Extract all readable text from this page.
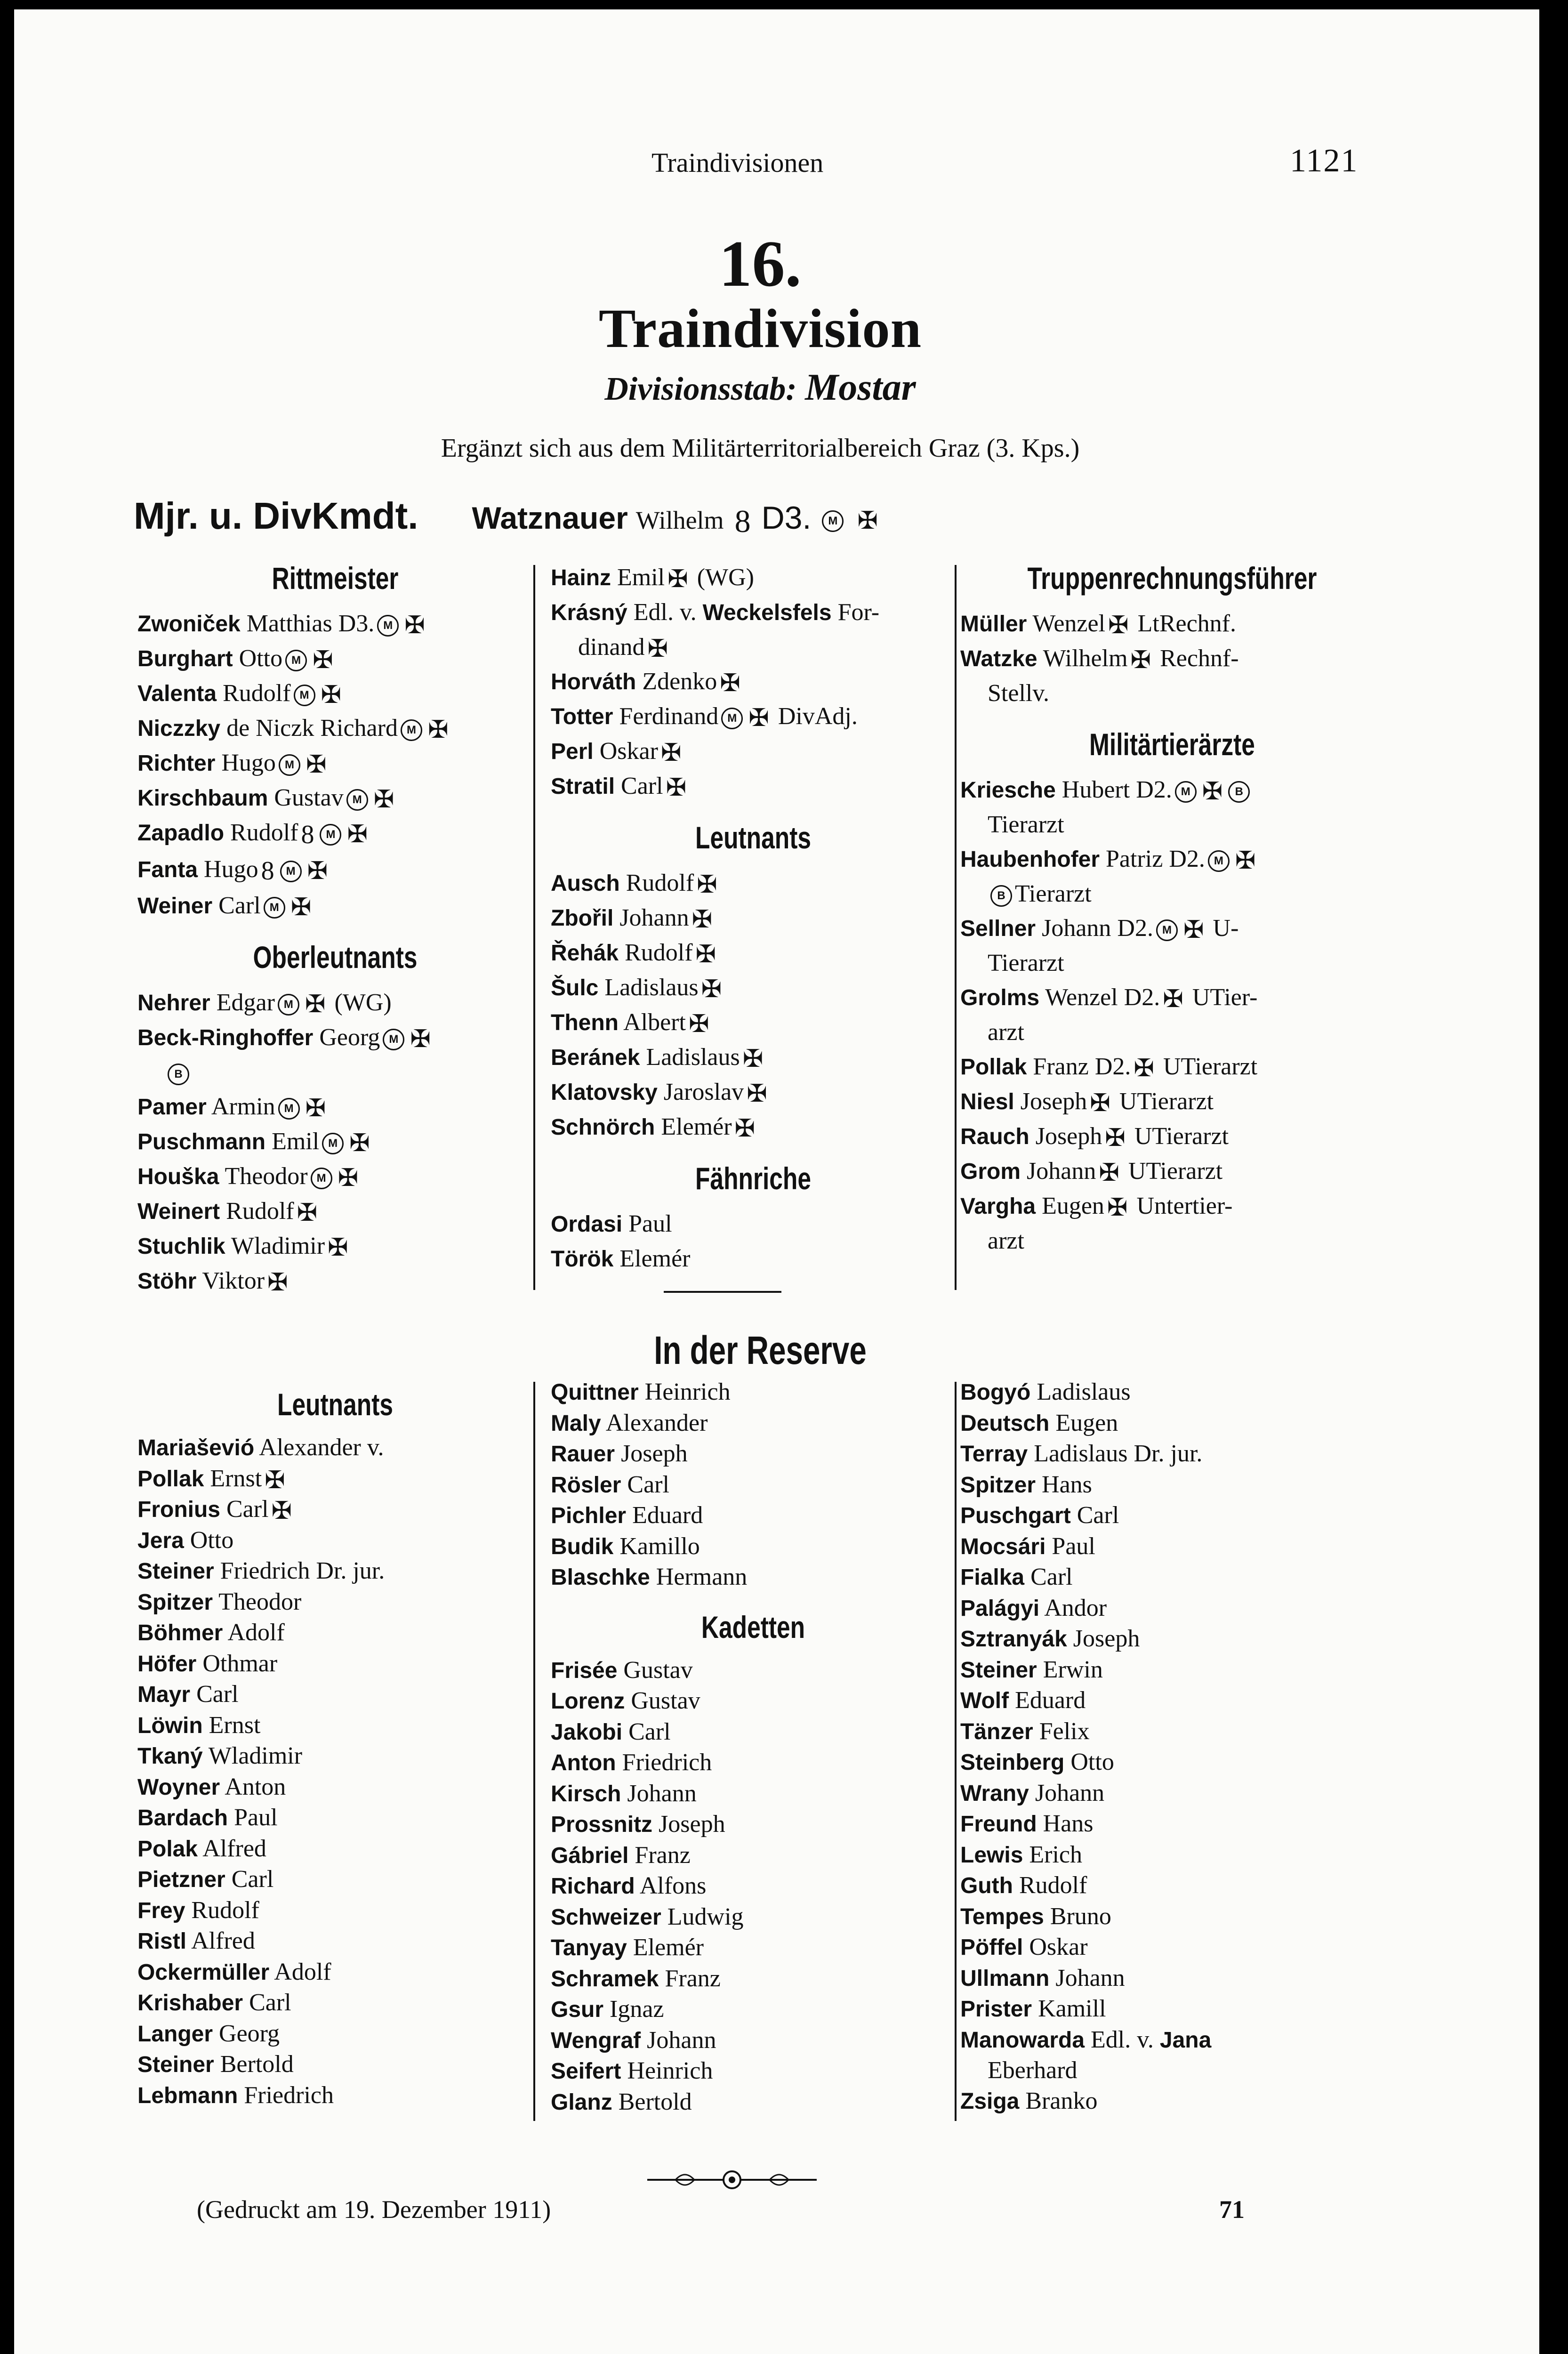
Traindivisionen	1121
16.
Traindivision
Divisionsstab: Mostar
Ergänzt sich aus dem Militärterritorialbereich Graz (3. Kps.)
Mjr. u. DivKmdt. Watznauer Wilhelm 8 D3. M ✠
Rittmeister
Zwoniček Matthias D3. M ✠
Burghart Otto M ✠
Valenta Rudolf M ✠
Niczzky de Niczk Richard M ✠
Richter Hugo M ✠
Kirschbaum Gustav M ✠
Zapadlo Rudolf 8 M ✠
Fanta Hugo 8 M ✠
Weiner Carl M ✠
Oberleutnants
Nehrer Edgar M ✠ (WG)
Beck-Ringhoffer Georg M ✠
B
Pamer Armin M ✠
Puschmann Emil M ✠
Houška Theodor M ✠
Weinert Rudolf ✠
Stuchlik Wladimir ✠
Stöhr Viktor ✠
Hainz Emil ✠ (WG)
Krásný Edl. v. Weckelsfels For-
dinand ✠
Horváth Zdenko ✠
Totter Ferdinand M ✠ DivAdj.
Perl Oskar ✠
Stratil Carl ✠
Leutnants
Ausch Rudolf ✠
Zbořil Johann ✠
Řehák Rudolf ✠
Šulc Ladislaus ✠
Thenn Albert ✠
Beránek Ladislaus ✠
Klatovsky Jaroslav ✠
Schnörch Elemér ✠
Fähnriche
Ordasi Paul
Török Elemér
Truppenrechnungsführer
Müller Wenzel ✠ LtRechnf.
Watzke Wilhelm ✠ Rechnf-
Stellv.
Militärtierärzte
Kriesche Hubert D2. M ✠ B
Tierarzt
Haubenhofer Patriz D2. M ✠
B Tierarzt
Sellner Johann D2. M ✠ U-
Tierarzt
Grolms Wenzel D2. ✠ UTier-
arzt
Pollak Franz D2. ✠ UTierarzt
Niesl Joseph ✠ UTierarzt
Rauch Joseph ✠ UTierarzt
Grom Johann ✠ UTierarzt
Vargha Eugen ✠ Untertier-
arzt
In der Reserve
Leutnants
Mariaševió Alexander v.
Pollak Ernst ✠
Fronius Carl ✠
Jera Otto
Steiner Friedrich Dr. jur.
Spitzer Theodor
Böhmer Adolf
Höfer Othmar
Mayr Carl
Löwin Ernst
Tkaný Wladimir
Woyner Anton
Bardach Paul
Polak Alfred
Pietzner Carl
Frey Rudolf
Ristl Alfred
Ockermüller Adolf
Krishaber Carl
Langer Georg
Steiner Bertold
Lebmann Friedrich
Quittner Heinrich
Maly Alexander
Rauer Joseph
Rösler Carl
Pichler Eduard
Budik Kamillo
Blaschke Hermann
Kadetten
Frisée Gustav
Lorenz Gustav
Jakobi Carl
Anton Friedrich
Kirsch Johann
Prossnitz Joseph
Gábriel Franz
Richard Alfons
Schweizer Ludwig
Tanyay Elemér
Schramek Franz
Gsur Ignaz
Wengraf Johann
Seifert Heinrich
Glanz Bertold
Bogyó Ladislaus
Deutsch Eugen
Terray Ladislaus Dr. jur.
Spitzer Hans
Puschgart Carl
Mocsári Paul
Fialka Carl
Palágyi Andor
Sztranyák Joseph
Steiner Erwin
Wolf Eduard
Tänzer Felix
Steinberg Otto
Wrany Johann
Freund Hans
Lewis Erich
Guth Rudolf
Tempes Bruno
Pöffel Oskar
Ullmann Johann
Prister Kamill
Manowarda Edl. v. Jana
Eberhard
Zsiga Branko
(Gedruckt am 19. Dezember 1911)	71
